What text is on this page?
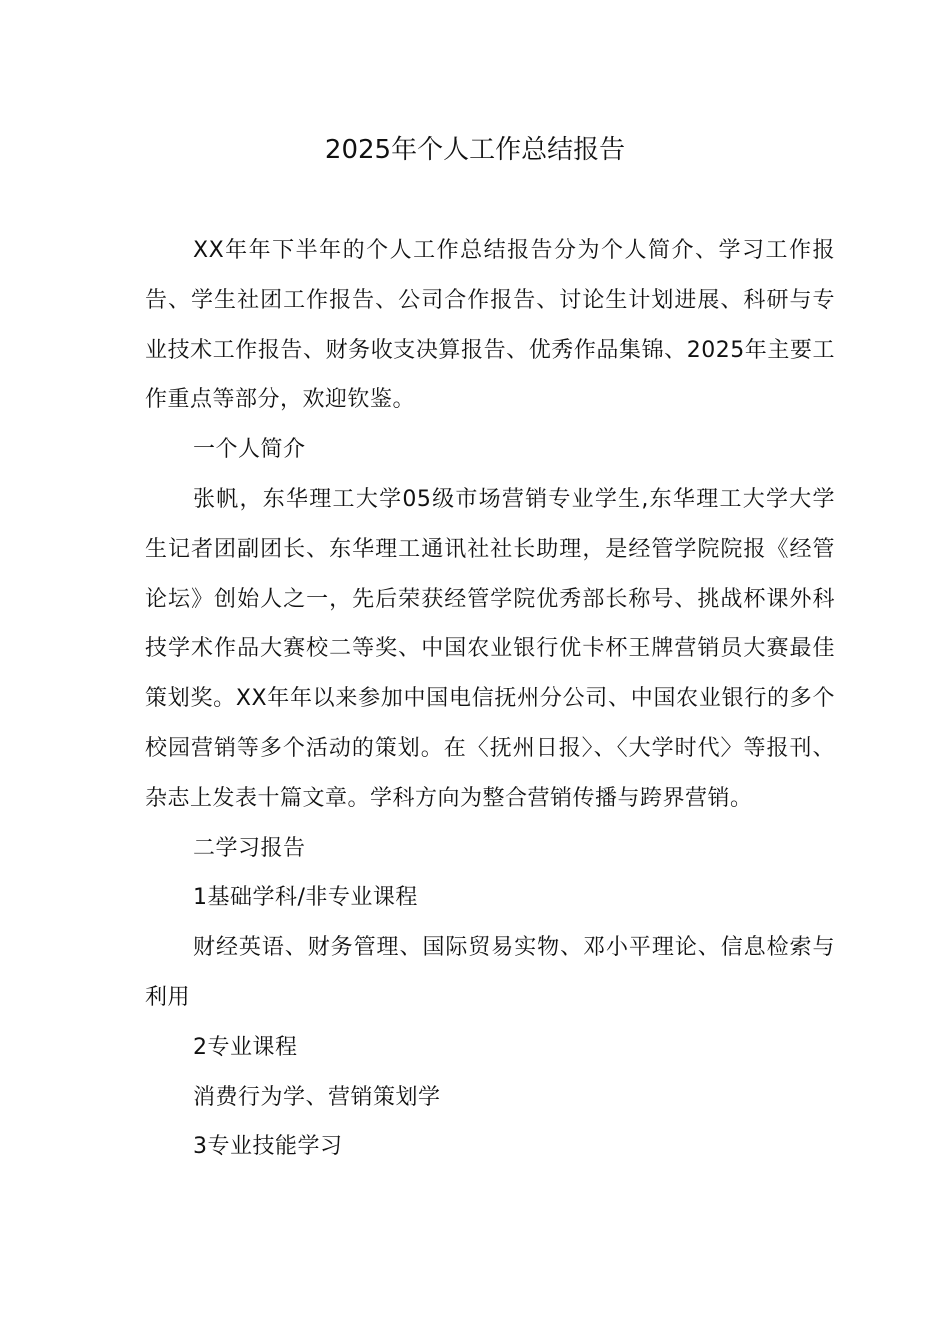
2025年个人工作总结报告

XX年年下半年的个人工作总结报告分为个人简介、学习工作报告、学生社团工作报告、公司合作报告、讨论生计划进展、科研与专业技术工作报告、财务收支决算报告、优秀作品集锦、2025年主要工作重点等部分，欢迎钦鉴。

一个人简介

张帆，东华理工大学05级市场营销专业学生,东华理工大学大学生记者团副团长、东华理工通讯社社长助理，是经管学院院报《经管论坛》创始人之一，先后荣获经管学院优秀部长称号、挑战杯课外科技学术作品大赛校二等奖、中国农业银行优卡杯王牌营销员大赛最佳策划奖。XX年年以来参加中国电信抚州分公司、中国农业银行的多个校园营销等多个活动的策划。在〈抚州日报〉、〈大学时代〉等报刊、杂志上发表十篇文章。学科方向为整合营销传播与跨界营销。

二学习报告

1基础学科/非专业课程

财经英语、财务管理、国际贸易实物、邓小平理论、信息检索与利用

2专业课程

消费行为学、营销策划学

3专业技能学习
